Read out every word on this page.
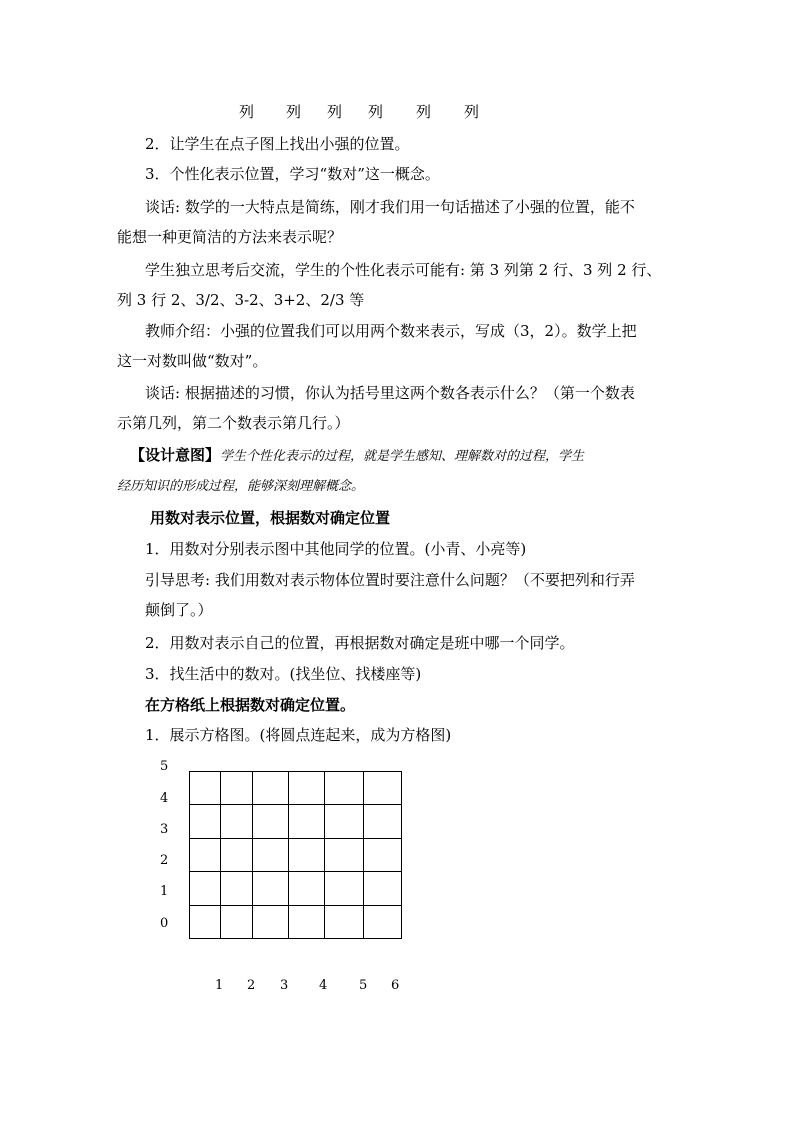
列 列 列 列 列 列
2．让学生在点子图上找出小强的位置。
3．个性化表示位置，学习“数对”这一概念。
谈话: 数学的一大特点是简练，刚才我们用一句话描述了小强的位置，能不
能想一种更简洁的方法来表示呢？
学生独立思考后交流，学生的个性化表示可能有: 第 3 列第 2 行、3 列 2 行、
列 3 行 2、3/2、3-2、3+2、2/3 等
教师介绍：小强的位置我们可以用两个数来表示，写成（3，2）。数学上把
这一对数叫做“数对”。
谈话: 根据描述的习惯，你认为括号里这两个数各表示什么？（第一个数表
示第几列，第二个数表示第几行。）
【设计意图】学生个性化表示的过程，就是学生感知、理解数对的过程，学生
经历知识的形成过程，能够深刻理解概念。
用数对表示位置，根据数对确定位置
1．用数对分别表示图中其他同学的位置。(小青、小亮等)
引导思考: 我们用数对表示物体位置时要注意什么问题？（不要把列和行弄
颠倒了。）
2．用数对表示自己的位置，再根据数对确定是班中哪一个同学。
3．找生活中的数对。(找坐位、找楼座等)
在方格纸上根据数对确定位置。
1．展示方格图。(将圆点连起来，成为方格图)
5
4
3
2
1
0

1 2 3 4 5 6
